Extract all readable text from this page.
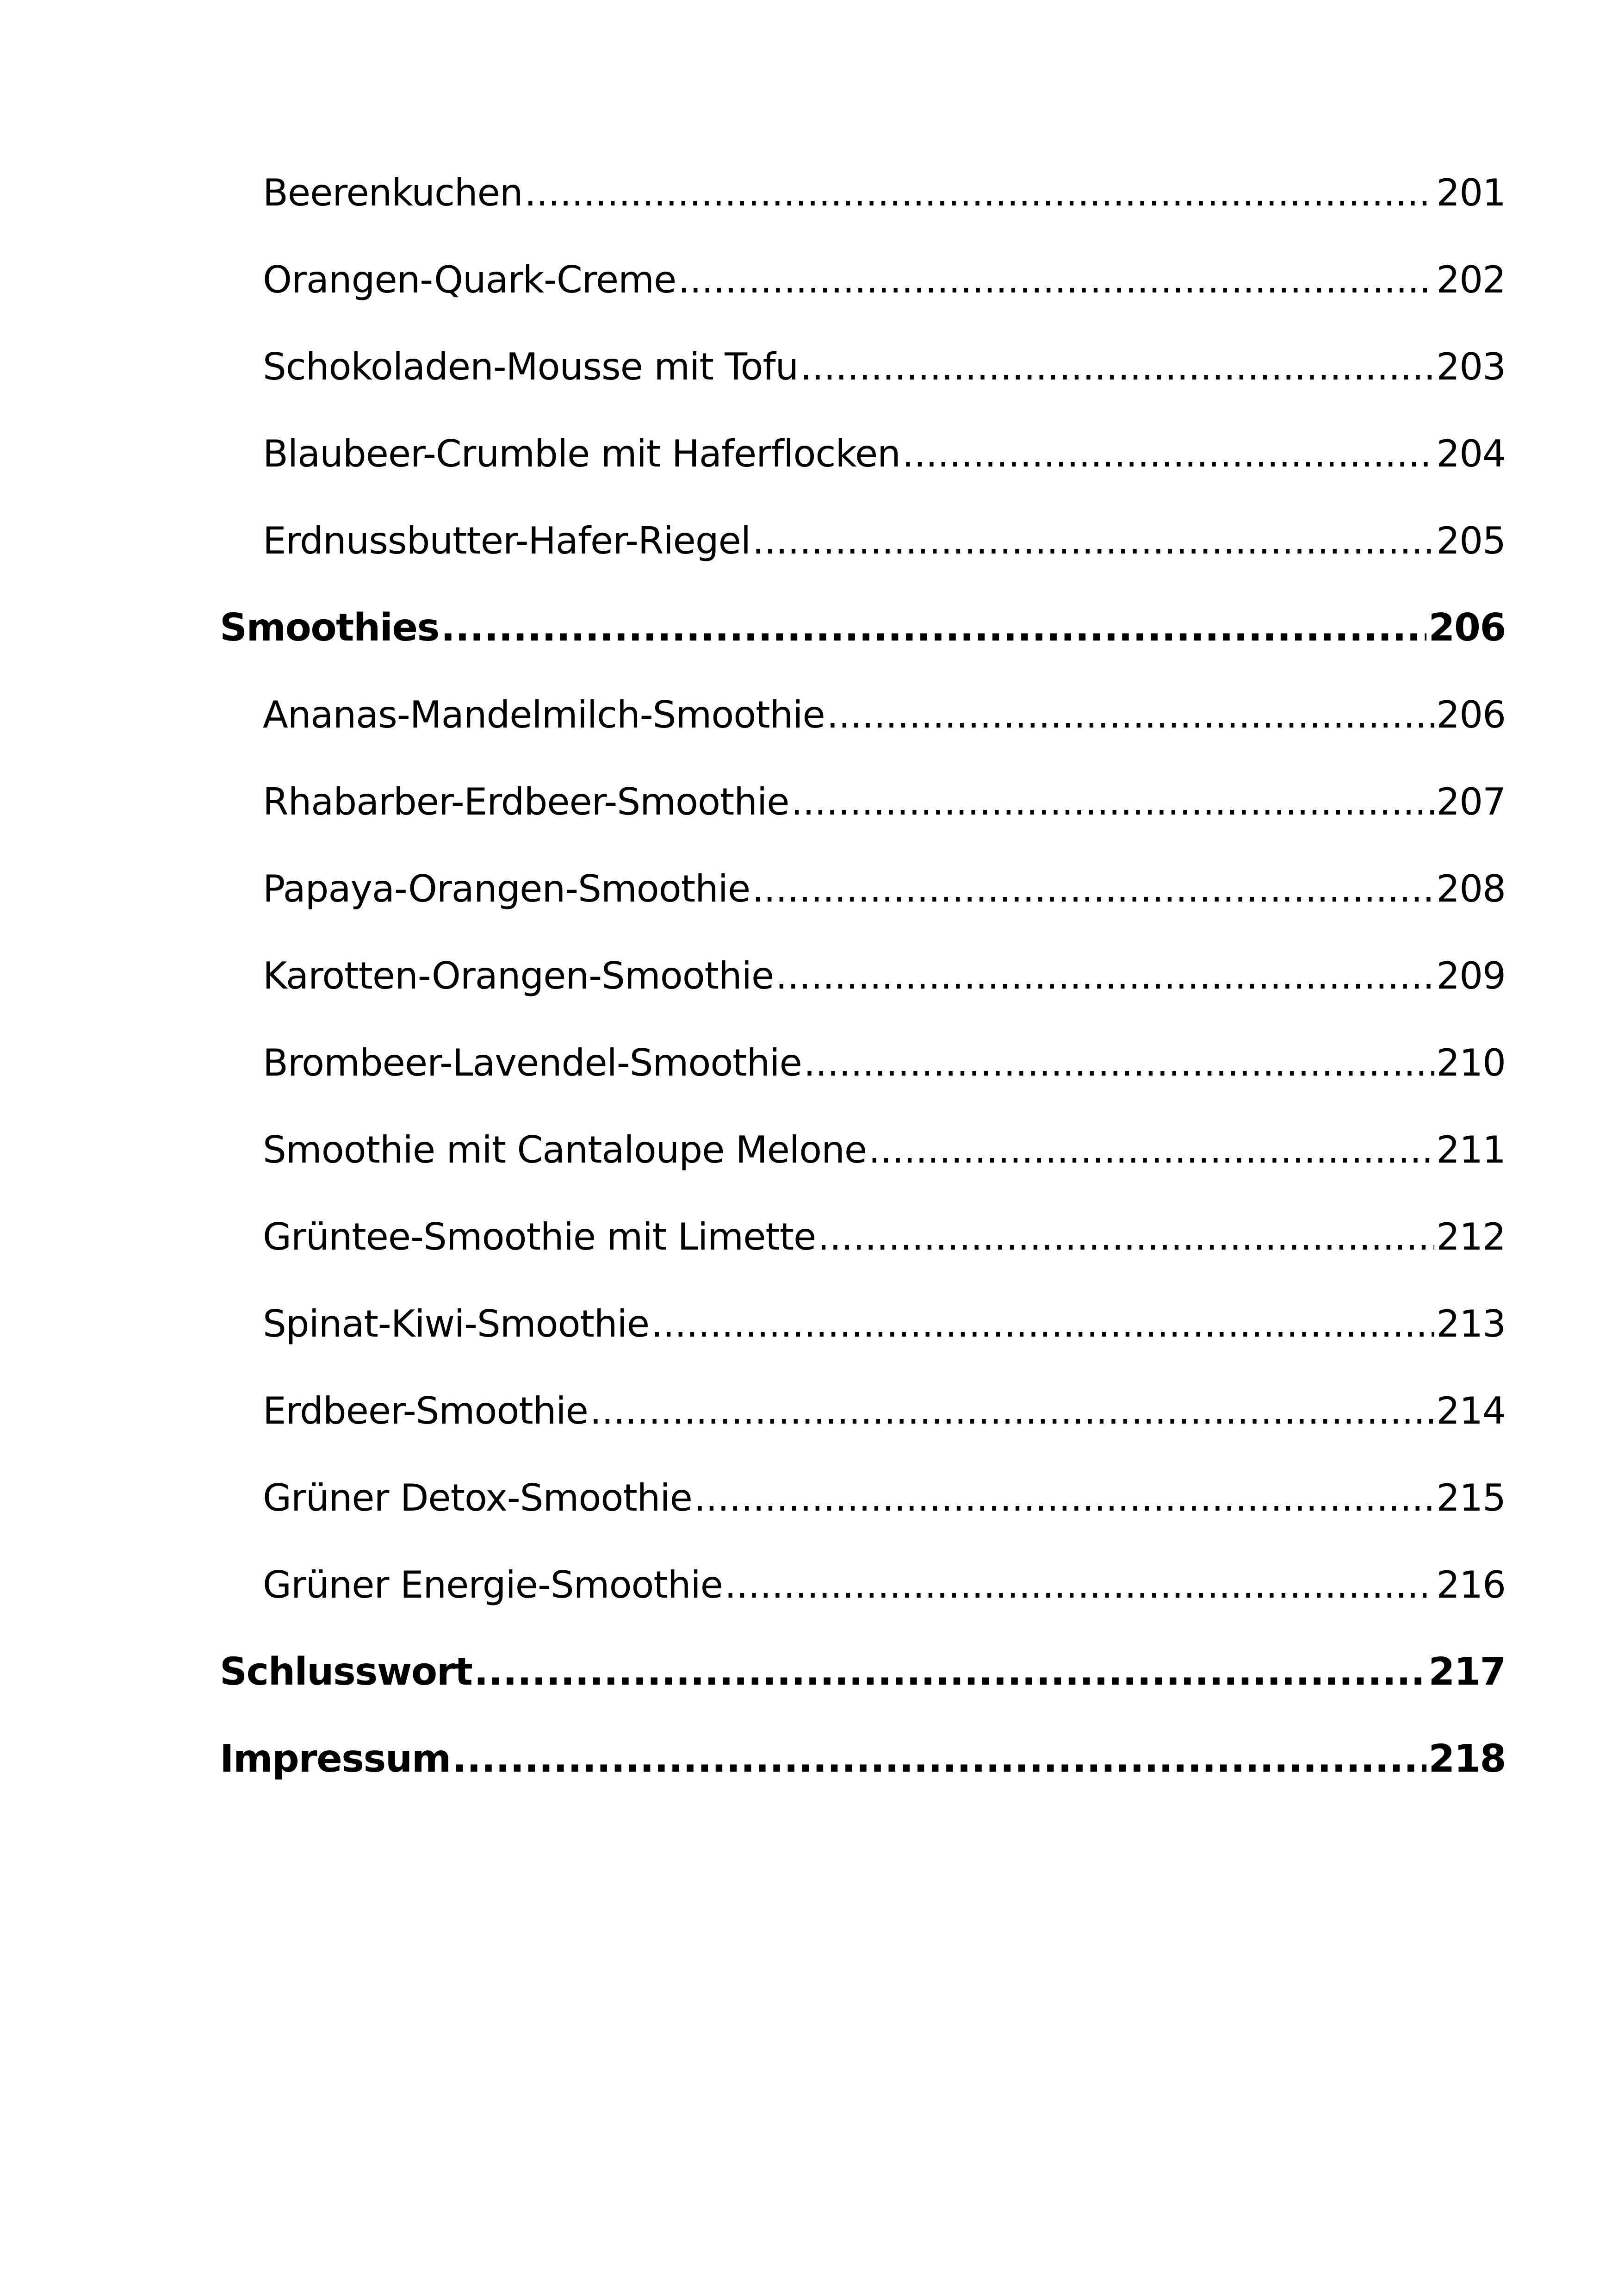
Beerenkuchen .....	201
Orangen-Quark-Creme .....	202
Schokoladen-Mousse mit Tofu .....	203
Blaubeer-Crumble mit Haferflocken .....	204
Erdnussbutter-Hafer-Riegel .....	205
Smoothies .....	206
Ananas-Mandelmilch-Smoothie .....	206
Rhabarber-Erdbeer-Smoothie .....	207
Papaya-Orangen-Smoothie .....	208
Karotten-Orangen-Smoothie .....	209
Brombeer-Lavendel-Smoothie .....	210
Smoothie mit Cantaloupe Melone .....	211
Grüntee-Smoothie mit Limette .....	212
Spinat-Kiwi-Smoothie .....	213
Erdbeer-Smoothie .....	214
Grüner Detox-Smoothie .....	215
Grüner Energie-Smoothie .....	216
Schlusswort .....	217
Impressum .....	218
